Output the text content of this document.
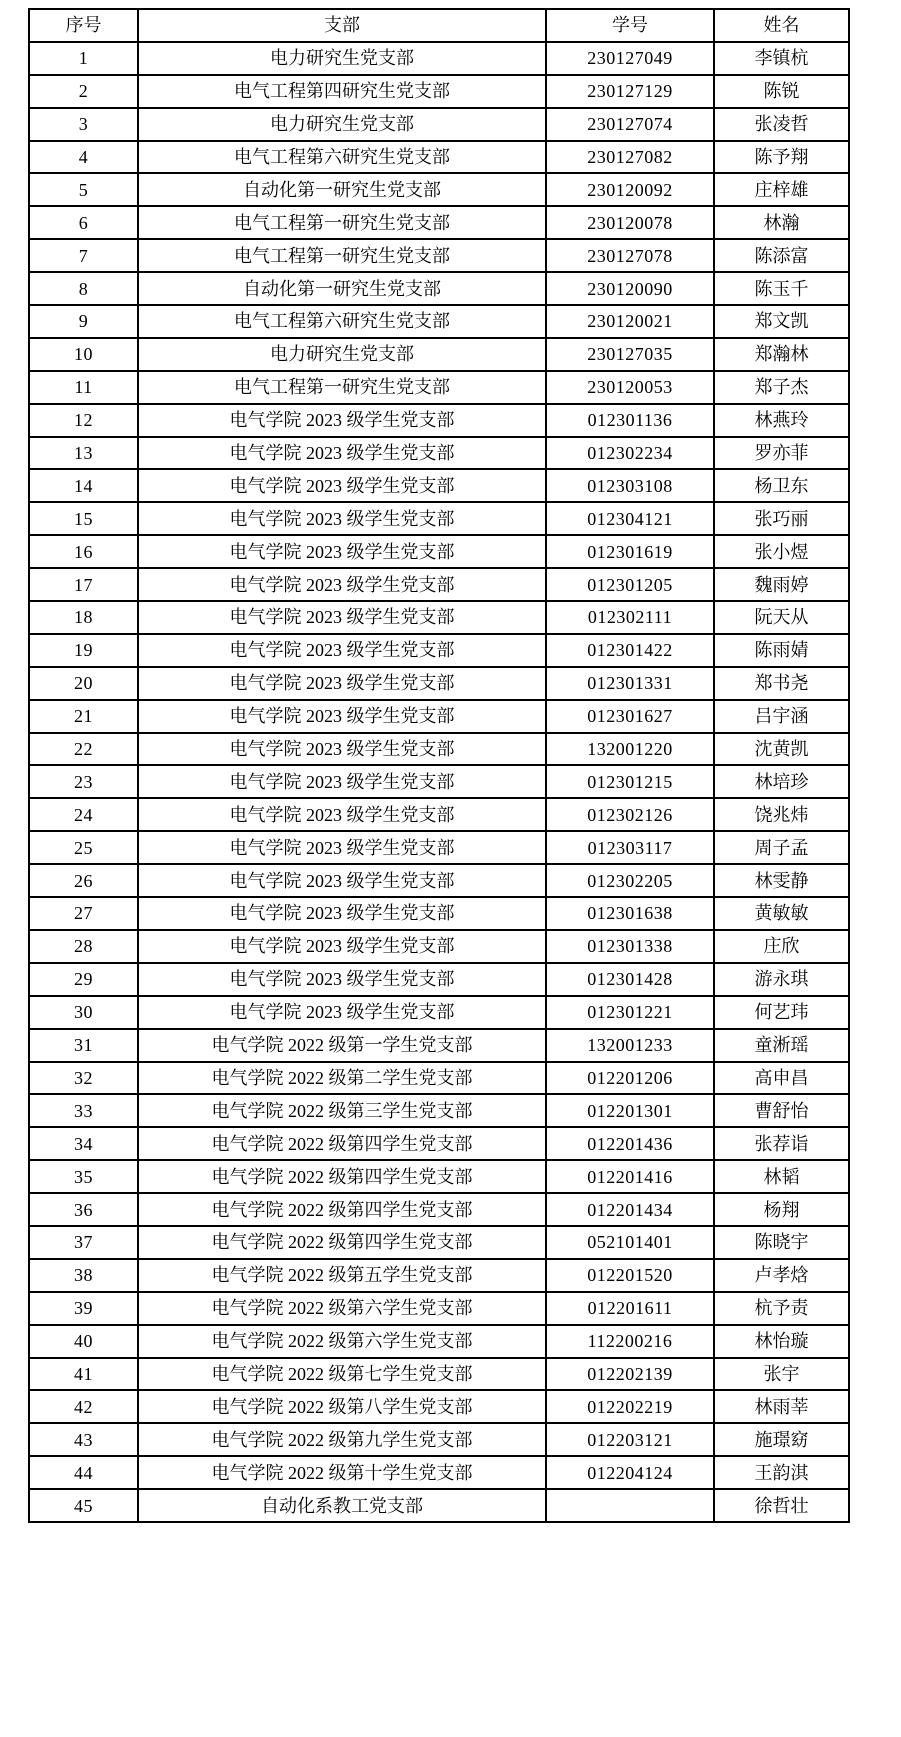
序号	支部	学号	姓名
1	电力研究生党支部	230127049	李镇杭
2	电气工程第四研究生党支部	230127129	陈锐
3	电力研究生党支部	230127074	张凌哲
4	电气工程第六研究生党支部	230127082	陈予翔
5	自动化第一研究生党支部	230120092	庄梓雄
6	电气工程第一研究生党支部	230120078	林瀚
7	电气工程第一研究生党支部	230127078	陈添富
8	自动化第一研究生党支部	230120090	陈玉千
9	电气工程第六研究生党支部	230120021	郑文凯
10	电力研究生党支部	230127035	郑瀚林
11	电气工程第一研究生党支部	230120053	郑子杰
12	电气学院 2023 级学生党支部	012301136	林燕玲
13	电气学院 2023 级学生党支部	012302234	罗亦菲
14	电气学院 2023 级学生党支部	012303108	杨卫东
15	电气学院 2023 级学生党支部	012304121	张巧丽
16	电气学院 2023 级学生党支部	012301619	张小煜
17	电气学院 2023 级学生党支部	012301205	魏雨婷
18	电气学院 2023 级学生党支部	012302111	阮天从
19	电气学院 2023 级学生党支部	012301422	陈雨婧
20	电气学院 2023 级学生党支部	012301331	郑书尧
21	电气学院 2023 级学生党支部	012301627	吕宇涵
22	电气学院 2023 级学生党支部	132001220	沈黄凯
23	电气学院 2023 级学生党支部	012301215	林培珍
24	电气学院 2023 级学生党支部	012302126	饶兆炜
25	电气学院 2023 级学生党支部	012303117	周子孟
26	电气学院 2023 级学生党支部	012302205	林雯静
27	电气学院 2023 级学生党支部	012301638	黄敏敏
28	电气学院 2023 级学生党支部	012301338	庄欣
29	电气学院 2023 级学生党支部	012301428	游永琪
30	电气学院 2023 级学生党支部	012301221	何艺玮
31	电气学院 2022 级第一学生党支部	132001233	童淅瑶
32	电气学院 2022 级第二学生党支部	012201206	高申昌
33	电气学院 2022 级第三学生党支部	012201301	曹舒怡
34	电气学院 2022 级第四学生党支部	012201436	张荐诣
35	电气学院 2022 级第四学生党支部	012201416	林韬
36	电气学院 2022 级第四学生党支部	012201434	杨翔
37	电气学院 2022 级第四学生党支部	052101401	陈晓宇
38	电气学院 2022 级第五学生党支部	012201520	卢孝焓
39	电气学院 2022 级第六学生党支部	012201611	杭予责
40	电气学院 2022 级第六学生党支部	112200216	林怡璇
41	电气学院 2022 级第七学生党支部	012202139	张宇
42	电气学院 2022 级第八学生党支部	012202219	林雨莘
43	电气学院 2022 级第九学生党支部	012203121	施璟窈
44	电气学院 2022 级第十学生党支部	012204124	王韵淇
45	自动化系教工党支部		徐哲壮
